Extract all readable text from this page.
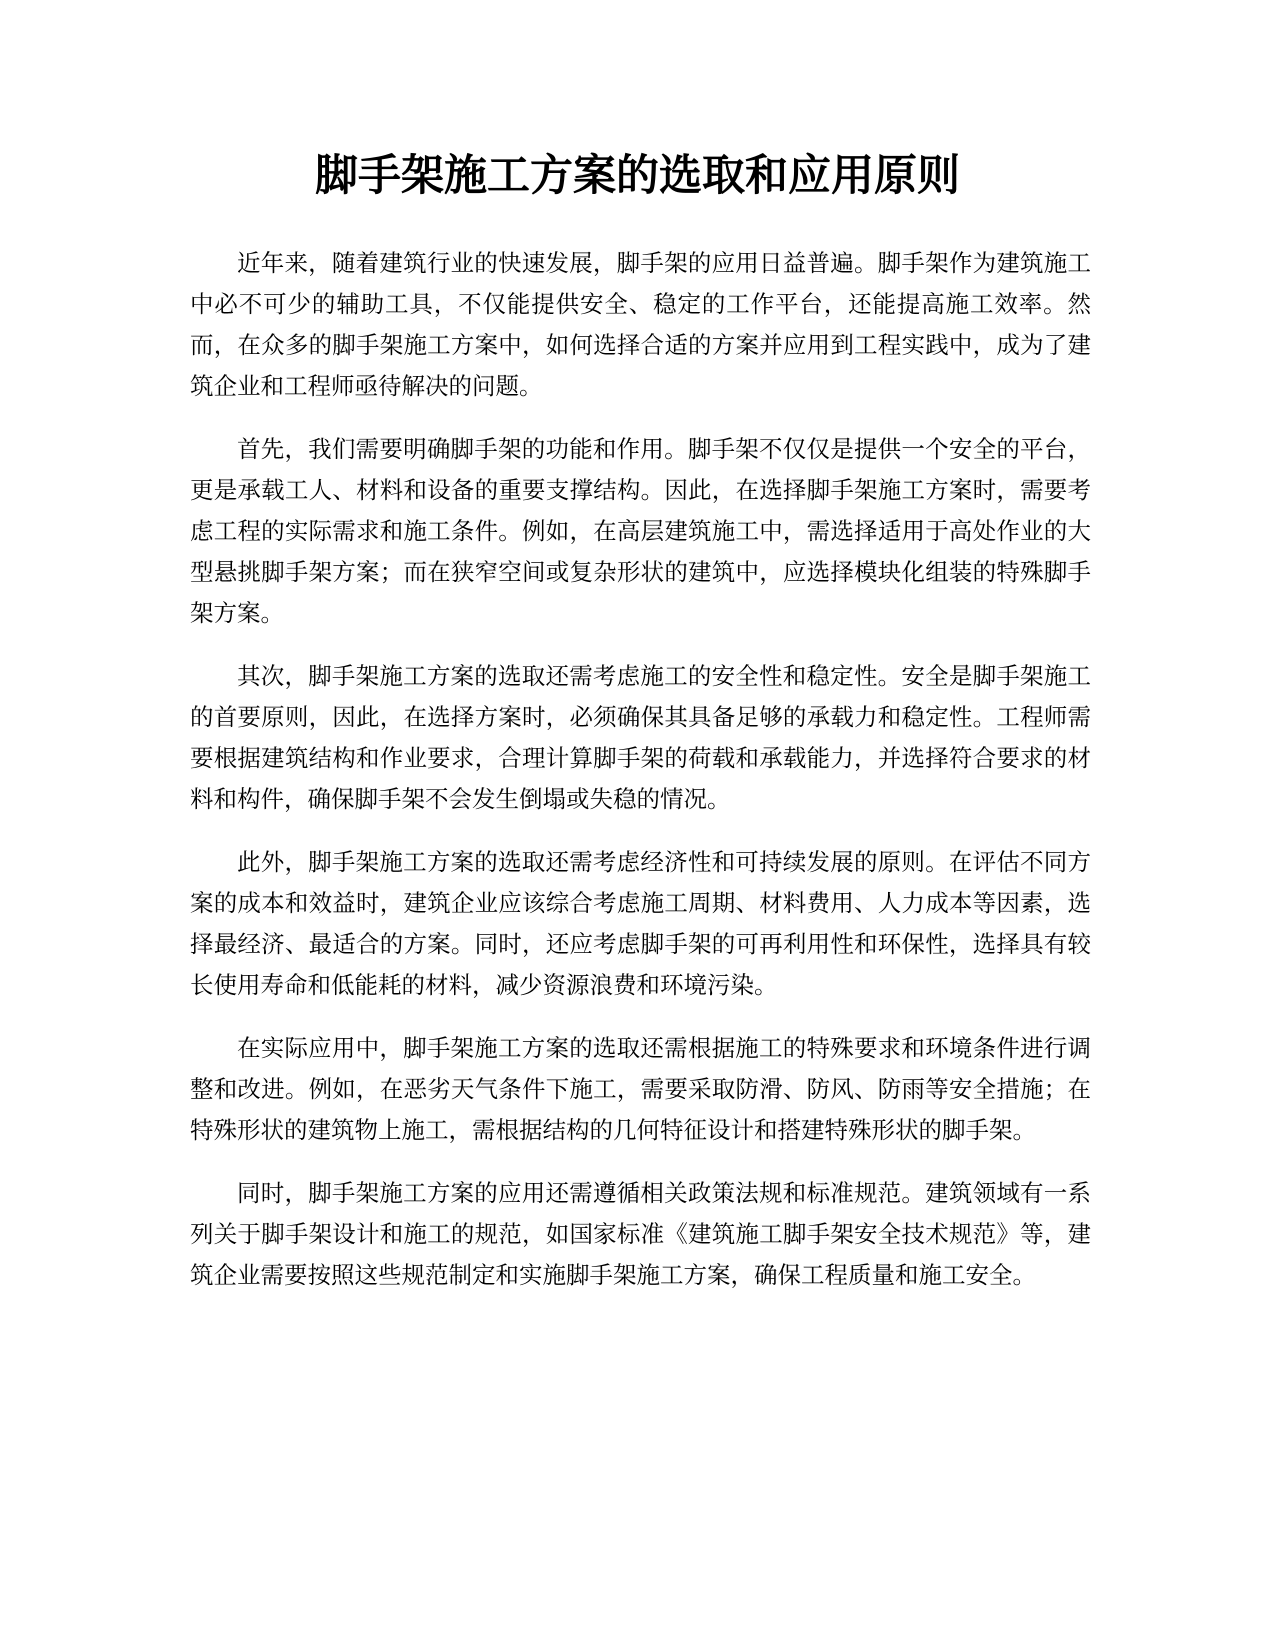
脚手架施工方案的选取和应用原则

近年来，随着建筑行业的快速发展，脚手架的应用日益普遍。脚手架作为建筑施工中必不可少的辅助工具，不仅能提供安全、稳定的工作平台，还能提高施工效率。然而，在众多的脚手架施工方案中，如何选择合适的方案并应用到工程实践中，成为了建筑企业和工程师亟待解决的问题。

首先，我们需要明确脚手架的功能和作用。脚手架不仅仅是提供一个安全的平台，更是承载工人、材料和设备的重要支撑结构。因此，在选择脚手架施工方案时，需要考虑工程的实际需求和施工条件。例如，在高层建筑施工中，需选择适用于高处作业的大型悬挑脚手架方案；而在狭窄空间或复杂形状的建筑中，应选择模块化组装的特殊脚手架方案。

其次，脚手架施工方案的选取还需考虑施工的安全性和稳定性。安全是脚手架施工的首要原则，因此，在选择方案时，必须确保其具备足够的承载力和稳定性。工程师需要根据建筑结构和作业要求，合理计算脚手架的荷载和承载能力，并选择符合要求的材料和构件，确保脚手架不会发生倒塌或失稳的情况。

此外，脚手架施工方案的选取还需考虑经济性和可持续发展的原则。在评估不同方案的成本和效益时，建筑企业应该综合考虑施工周期、材料费用、人力成本等因素，选择最经济、最适合的方案。同时，还应考虑脚手架的可再利用性和环保性，选择具有较长使用寿命和低能耗的材料，减少资源浪费和环境污染。

在实际应用中，脚手架施工方案的选取还需根据施工的特殊要求和环境条件进行调整和改进。例如，在恶劣天气条件下施工，需要采取防滑、防风、防雨等安全措施；在特殊形状的建筑物上施工，需根据结构的几何特征设计和搭建特殊形状的脚手架。

同时，脚手架施工方案的应用还需遵循相关政策法规和标准规范。建筑领域有一系列关于脚手架设计和施工的规范，如国家标准《建筑施工脚手架安全技术规范》等，建筑企业需要按照这些规范制定和实施脚手架施工方案，确保工程质量和施工安全。
